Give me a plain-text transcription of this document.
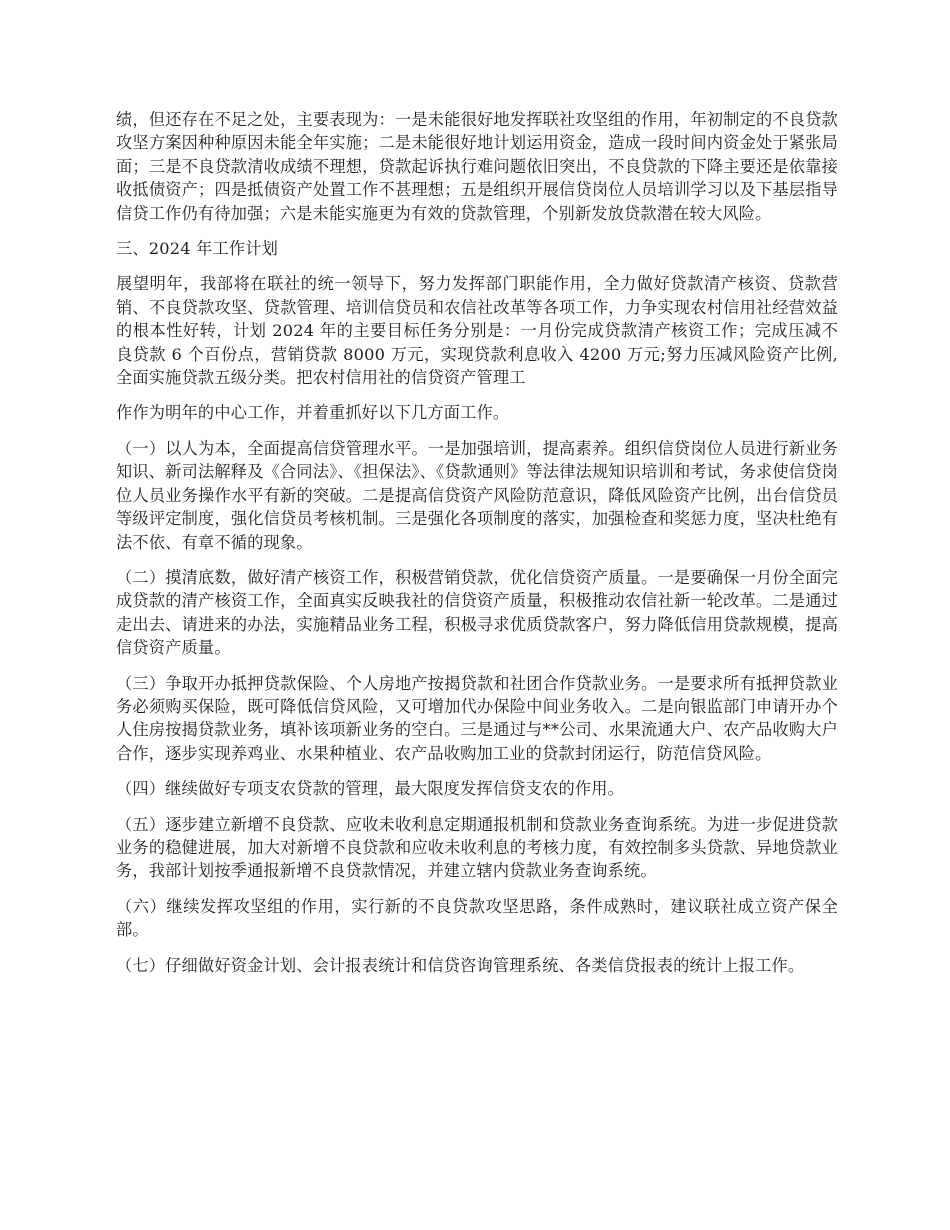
绩，但还存在不足之处，主要表现为：一是未能很好地发挥联社攻坚组的作用，年初制定的不良贷款攻坚方案因种种原因未能全年实施；二是未能很好地计划运用资金，造成一段时间内资金处于紧张局面；三是不良贷款清收成绩不理想，贷款起诉执行难问题依旧突出，不良贷款的下降主要还是依靠接收抵债资产；四是抵债资产处置工作不甚理想；五是组织开展信贷岗位人员培训学习以及下基层指导信贷工作仍有待加强；六是未能实施更为有效的贷款管理，个别新发放贷款潜在较大风险。

三、2024 年工作计划

展望明年，我部将在联社的统一领导下，努力发挥部门职能作用，全力做好贷款清产核资、贷款营销、不良贷款攻坚、贷款管理、培训信贷员和农信社改革等各项工作，力争实现农村信用社经营效益的根本性好转，计划 2024 年的主要目标任务分别是：一月份完成贷款清产核资工作；完成压减不良贷款 6 个百份点，营销贷款 8000 万元，实现贷款利息收入 4200 万元;努力压减风险资产比例,全面实施贷款五级分类。把农村信用社的信贷资产管理工

作作为明年的中心工作，并着重抓好以下几方面工作。

（一）以人为本，全面提高信贷管理水平。一是加强培训，提高素养。组织信贷岗位人员进行新业务知识、新司法解释及《合同法》、《担保法》、《贷款通则》等法律法规知识培训和考试，务求使信贷岗位人员业务操作水平有新的突破。二是提高信贷资产风险防范意识，降低风险资产比例，出台信贷员等级评定制度，强化信贷员考核机制。三是强化各项制度的落实，加强检查和奖惩力度，坚决杜绝有法不依、有章不循的现象。

（二）摸清底数，做好清产核资工作，积极营销贷款，优化信贷资产质量。一是要确保一月份全面完成贷款的清产核资工作，全面真实反映我社的信贷资产质量，积极推动农信社新一轮改革。二是通过走出去、请进来的办法，实施精品业务工程，积极寻求优质贷款客户，努力降低信用贷款规模，提高信贷资产质量。

（三）争取开办抵押贷款保险、个人房地产按揭贷款和社团合作贷款业务。一是要求所有抵押贷款业务必须购买保险，既可降低信贷风险，又可增加代办保险中间业务收入。二是向银监部门申请开办个人住房按揭贷款业务，填补该项新业务的空白。三是通过与**公司、水果流通大户、农产品收购大户合作，逐步实现养鸡业、水果种植业、农产品收购加工业的贷款封闭运行，防范信贷风险。

（四）继续做好专项支农贷款的管理，最大限度发挥信贷支农的作用。

（五）逐步建立新增不良贷款、应收未收利息定期通报机制和贷款业务查询系统。为进一步促进贷款业务的稳健进展，加大对新增不良贷款和应收未收利息的考核力度，有效控制多头贷款、异地贷款业务，我部计划按季通报新增不良贷款情况，并建立辖内贷款业务查询系统。

（六）继续发挥攻坚组的作用，实行新的不良贷款攻坚思路，条件成熟时，建议联社成立资产保全部。

（七）仔细做好资金计划、会计报表统计和信贷咨询管理系统、各类信贷报表的统计上报工作。
